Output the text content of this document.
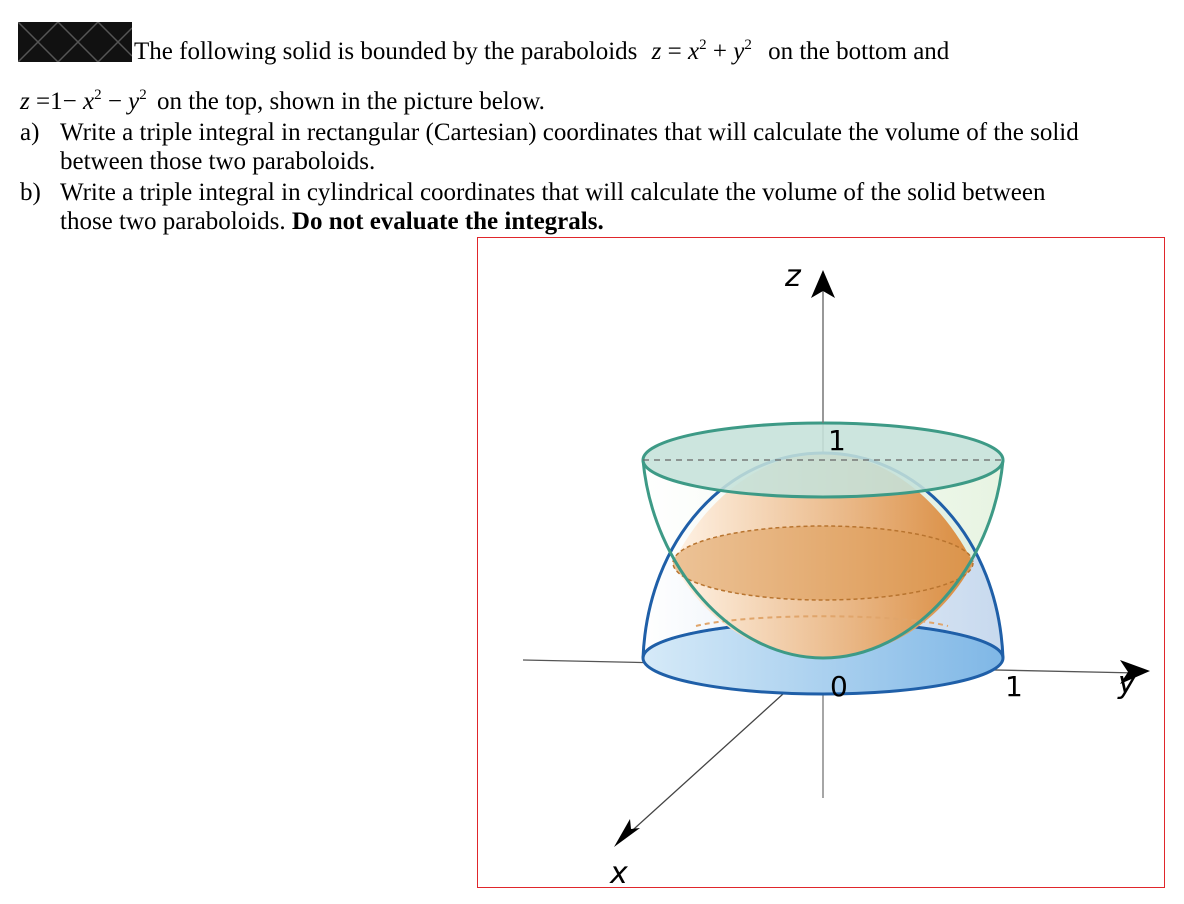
The following solid is bounded by the paraboloids $z = x^2 + y^2$ on the bottom and
$z =1- x^2 - y^2$ on the top, shown in the picture below.
a) Write a triple integral in rectangular (Cartesian) coordinates that will calculate the volume of the solid
between those two paraboloids.
b) Write a triple integral in cylindrical coordinates that will calculate the volume of the solid between
those two paraboloids. Do not evaluate the integrals.
z
y
x
1
0	1
